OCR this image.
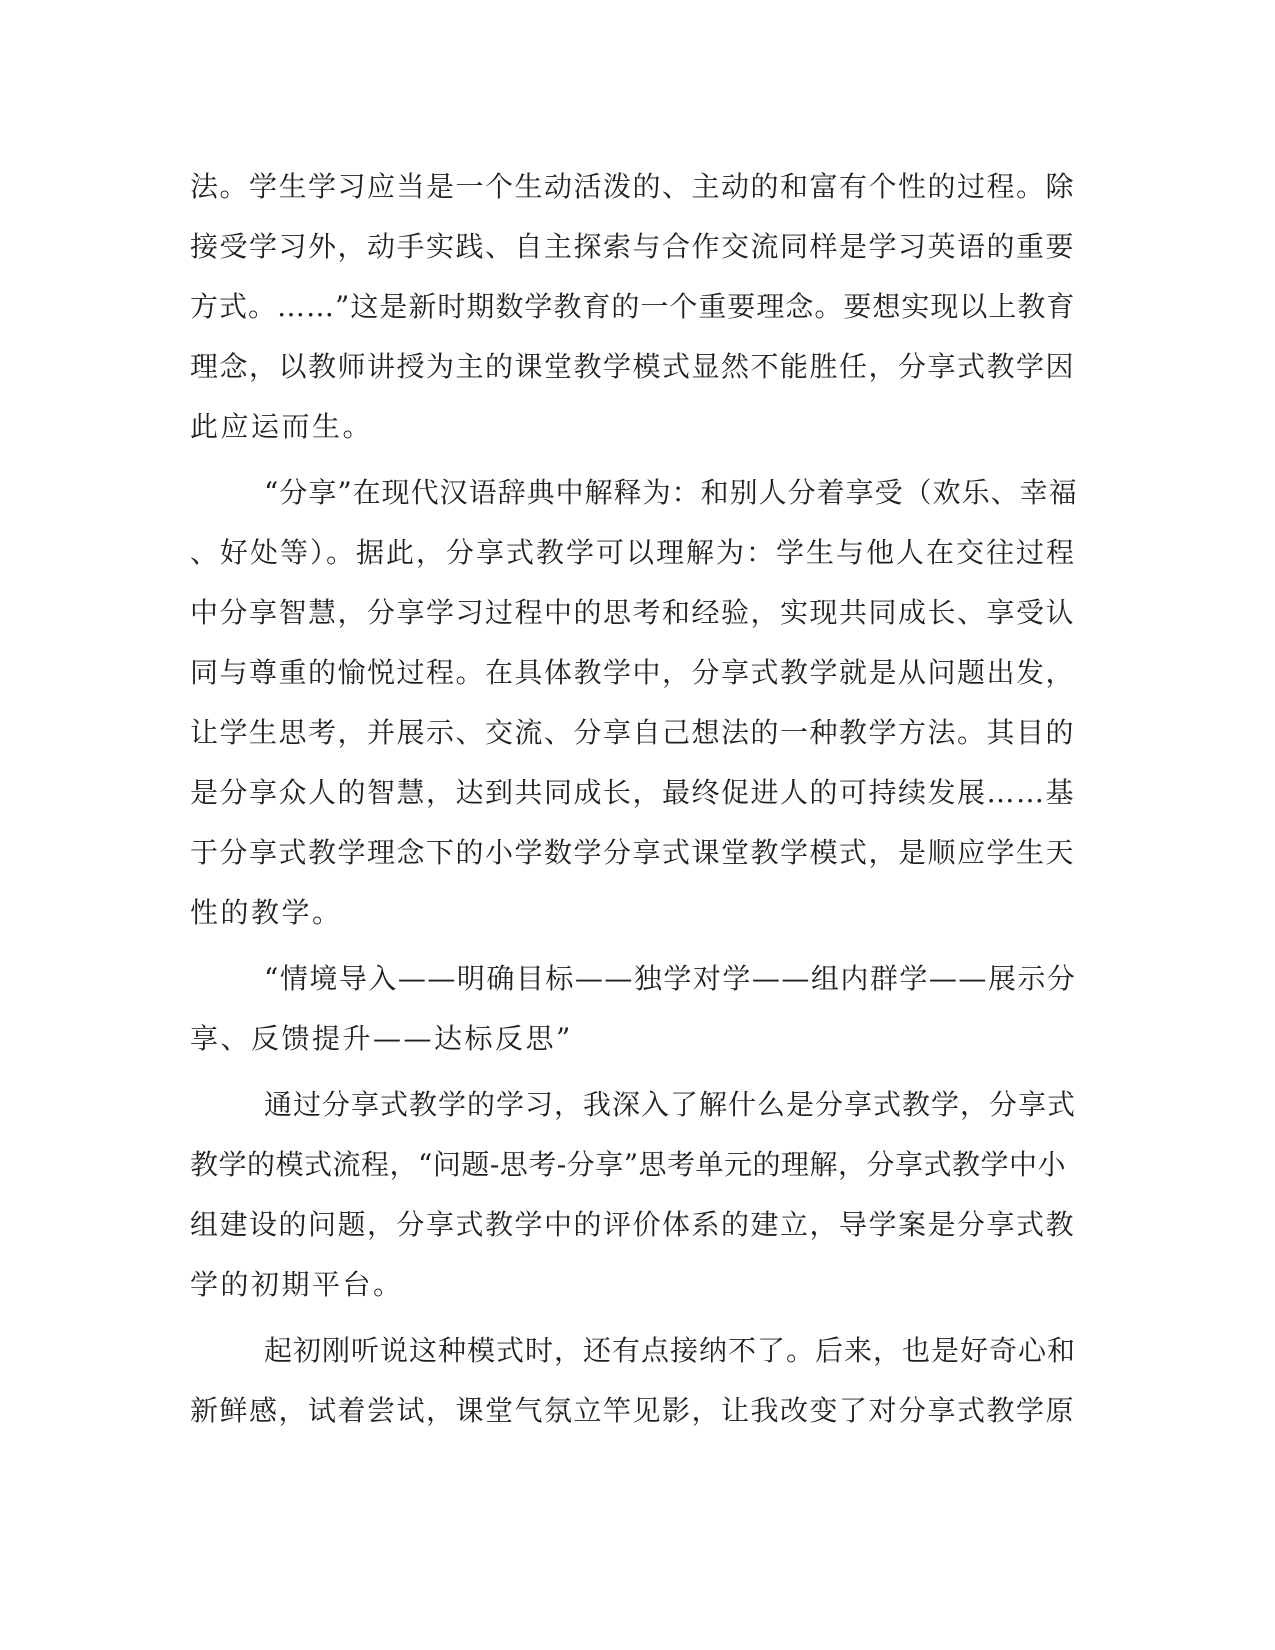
法。学生学习应当是一个生动活泼的、主动的和富有个性的过程。除
接受学习外，动手实践、自主探索与合作交流同样是学习英语的重要
方式。……”这是新时期数学教育的一个重要理念。要想实现以上教育
理念，以教师讲授为主的课堂教学模式显然不能胜任，分享式教学因
此应运而生。
“分享”在现代汉语辞典中解释为：和别人分着享受（欢乐、幸福
、好处等）。据此，分享式教学可以理解为：学生与他人在交往过程
中分享智慧，分享学习过程中的思考和经验，实现共同成长、享受认
同与尊重的愉悦过程。在具体教学中，分享式教学就是从问题出发，
让学生思考，并展示、交流、分享自己想法的一种教学方法。其目的
是分享众人的智慧，达到共同成长，最终促进人的可持续发展……基
于分享式教学理念下的小学数学分享式课堂教学模式，是顺应学生天
性的教学。
“情境导入——明确目标——独学对学——组内群学——展示分
享、反馈提升——达标反思”
通过分享式教学的学习，我深入了解什么是分享式教学，分享式
教学的模式流程，“问题-思考-分享”思考单元的理解，分享式教学中小
组建设的问题，分享式教学中的评价体系的建立，导学案是分享式教
学的初期平台。
起初刚听说这种模式时，还有点接纳不了。后来，也是好奇心和
新鲜感，试着尝试，课堂气氛立竿见影，让我改变了对分享式教学原
